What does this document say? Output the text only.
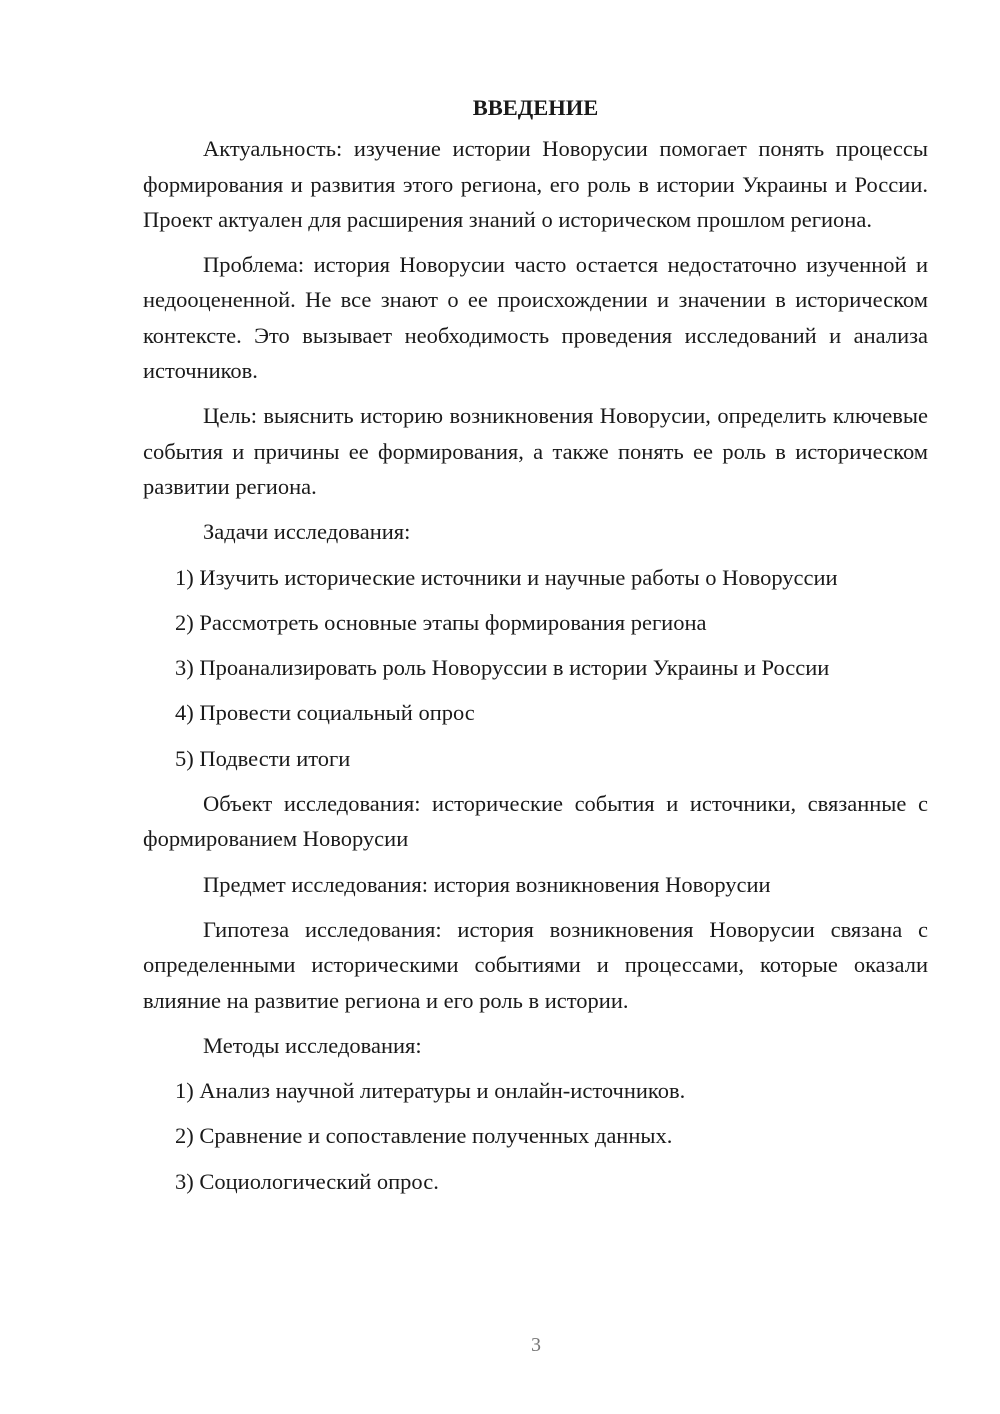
ВВЕДЕНИЕ

Актуальность: изучение истории Новорусии помогает понять процессы формирования и развития этого региона, его роль в истории Украины и России. Проект актуален для расширения знаний о историческом прошлом региона.

Проблема: история Новорусии часто остается недостаточно изученной и недооцененной. Не все знают о ее происхождении и значении в историческом контексте. Это вызывает необходимость проведения исследований и анализа источников.

Цель: выяснить историю возникновения Новорусии, определить ключевые события и причины ее формирования, а также понять ее роль в историческом развитии региона.

Задачи исследования:

1) Изучить исторические источники и научные работы о Новоруссии

2) Рассмотреть основные этапы формирования региона

3) Проанализировать роль Новоруссии в истории Украины и России

4) Провести социальный опрос

5) Подвести итоги

Объект исследования: исторические события и источники, связанные с формированием Новорусии

Предмет исследования: история возникновения Новорусии

Гипотеза исследования: история возникновения Новорусии связана с определенными историческими событиями и процессами, которые оказали влияние на развитие региона и его роль в истории.

Методы исследования:

1) Анализ научной литературы и онлайн-источников.

2) Сравнение и сопоставление полученных данных.

3) Социологический опрос.

3
